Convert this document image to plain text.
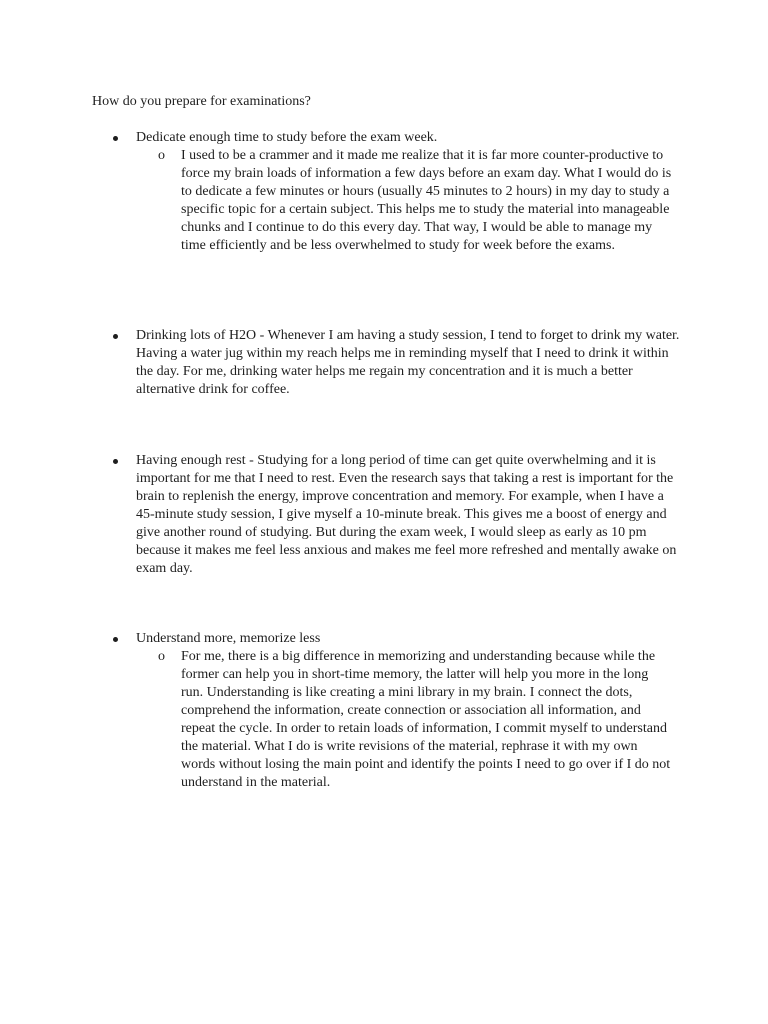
How do you prepare for examinations?

Dedicate enough time to study before the exam week.
o I used to be a crammer and it made me realize that it is far more counter-productive to force my brain loads of information a few days before an exam day. What I would do is to dedicate a few minutes or hours (usually 45 minutes to 2 hours) in my day to study a specific topic for a certain subject. This helps me to study the material into manageable chunks and I continue to do this every day. That way, I would be able to manage my time efficiently and be less overwhelmed to study for week before the exams.
Drinking lots of H2O - Whenever I am having a study session, I tend to forget to drink my water. Having a water jug within my reach helps me in reminding myself that I need to drink it within the day. For me, drinking water helps me regain my concentration and it is much a better alternative drink for coffee.
Having enough rest - Studying for a long period of time can get quite overwhelming and it is important for me that I need to rest. Even the research says that taking a rest is important for the brain to replenish the energy, improve concentration and memory. For example, when I have a 45-minute study session, I give myself a 10-minute break. This gives me a boost of energy and give another round of studying. But during the exam week, I would sleep as early as 10 pm because it makes me feel less anxious and makes me feel more refreshed and mentally awake on exam day.
Understand more, memorize less
o For me, there is a big difference in memorizing and understanding because while the former can help you in short-time memory, the latter will help you more in the long run. Understanding is like creating a mini library in my brain. I connect the dots, comprehend the information, create connection or association all information, and repeat the cycle. In order to retain loads of information, I commit myself to understand the material. What I do is write revisions of the material, rephrase it with my own words without losing the main point and identify the points I need to go over if I do not understand in the material.
